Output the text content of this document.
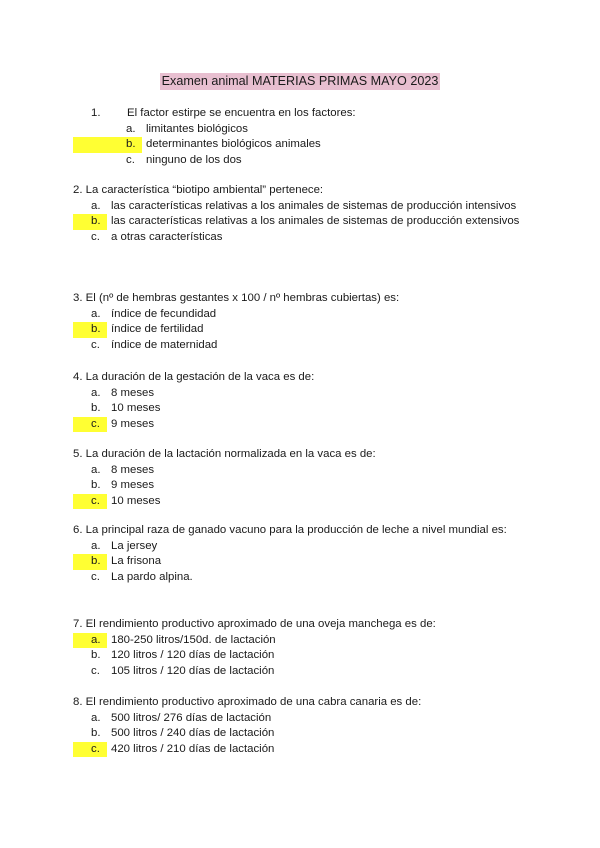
Examen animal MATERIAS PRIMAS MAYO 2023
1. El factor estirpe se encuentra en los factores:
a. limitantes biológicos
b. determinantes biológicos animales
c. ninguno de los dos
2. La característica “biotipo ambiental” pertenece:
a. las características relativas a los animales de sistemas de producción intensivos
b. las características relativas a los animales de sistemas de producción extensivos
c. a otras características
3. El (nº de hembras gestantes x 100 / nº hembras cubiertas) es:
a. índice de fecundidad
b. índice de fertilidad
c. índice de maternidad
4. La duración de la gestación de la vaca es de:
a. 8 meses
b. 10 meses
c. 9 meses
5. La duración de la lactación normalizada en la vaca es de:
a. 8 meses
b. 9 meses
c. 10 meses
6. La principal raza de ganado vacuno para la producción de leche a nivel mundial es:
a. La jersey
b. La frisona
c. La pardo alpina.
7. El rendimiento productivo aproximado de una oveja manchega es de:
a. 180-250 litros/150d. de lactación
b. 120 litros / 120 días de lactación
c. 105 litros / 120 días de lactación
8. El rendimiento productivo aproximado de una cabra canaria es de:
a. 500 litros/ 276 días de lactación
b. 500 litros / 240 días de lactación
c. 420 litros / 210 días de lactación
